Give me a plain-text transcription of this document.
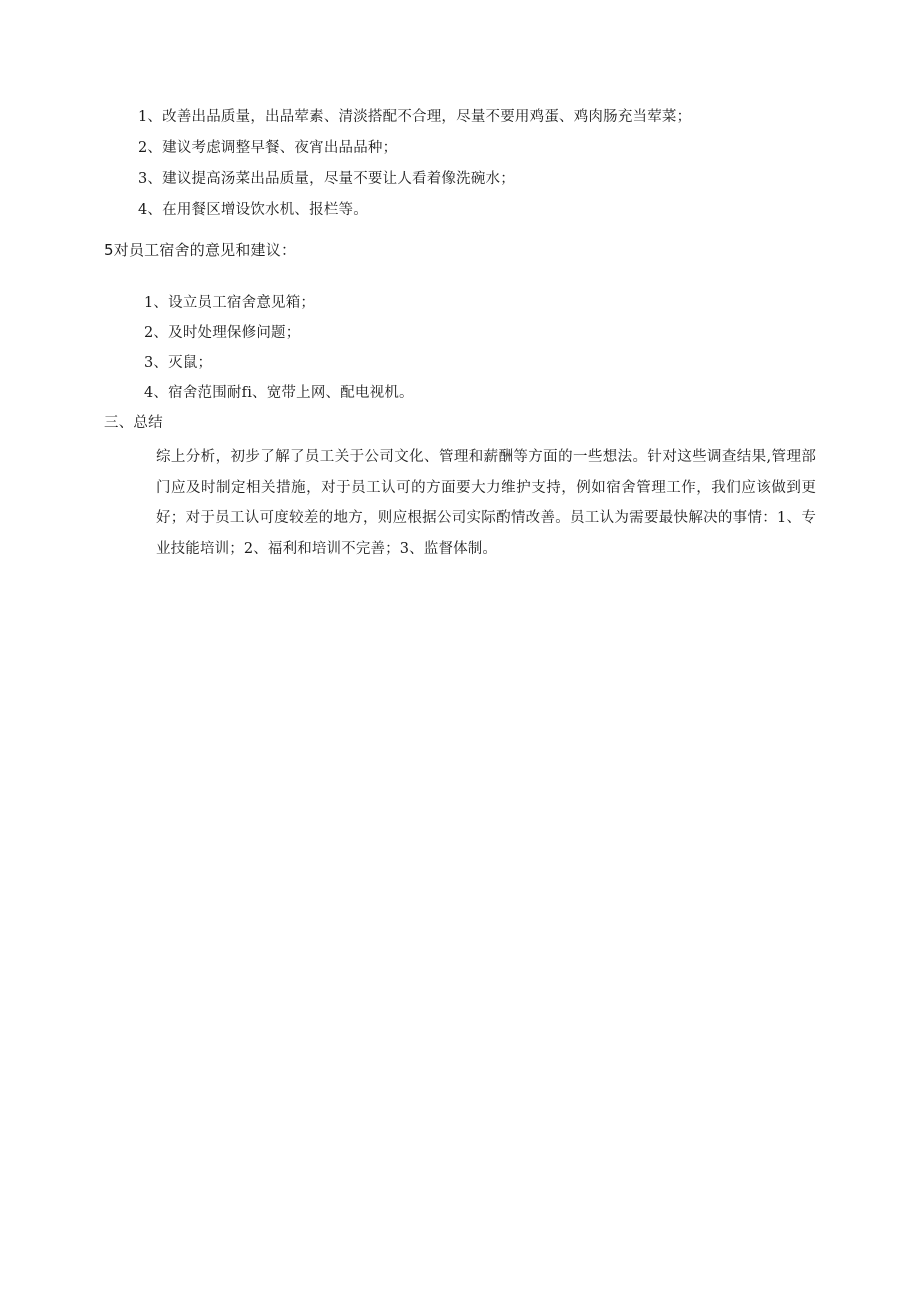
1、改善出品质量，出品荤素、清淡搭配不合理，尽量不要用鸡蛋、鸡肉肠充当荤菜；
2、建议考虑调整早餐、夜宵出品品种；
3、建议提高汤菜出品质量，尽量不要让人看着像洗碗水；
4、在用餐区增设饮水机、报栏等。
5对员工宿舍的意见和建议：
1、设立员工宿舍意见箱；
2、及时处理保修问题；
3、灭鼠；
4、宿舍范围耐fi、宽带上网、配电视机。
三、总结
综上分析，初步了解了员工关于公司文化、管理和薪酬等方面的一些想法。针对这些调查结果,管理部门应及时制定相关措施，对于员工认可的方面要大力维护支持，例如宿舍管理工作，我们应该做到更好；对于员工认可度较差的地方，则应根据公司实际酌情改善。员工认为需要最快解决的事情：1、专业技能培训；2、福利和培训不完善；3、监督体制。
